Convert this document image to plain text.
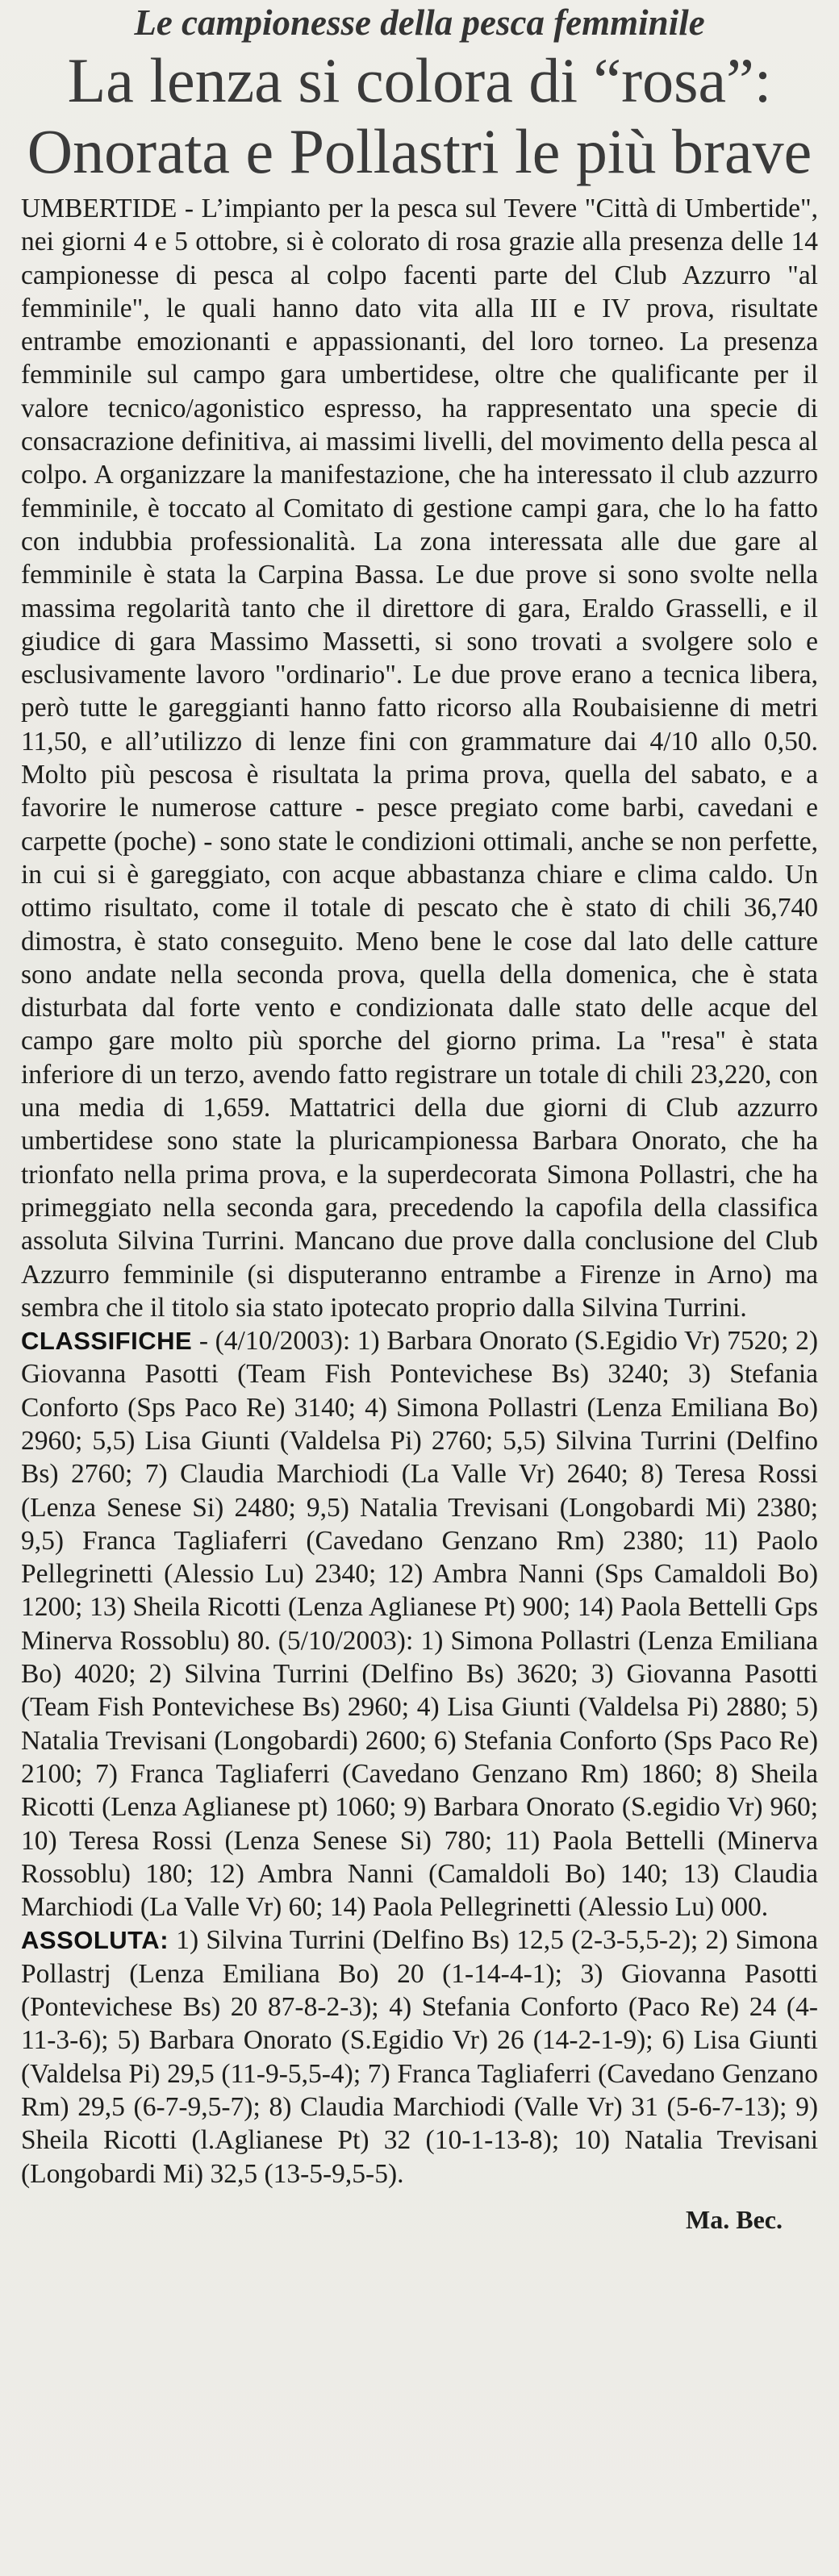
Le campionesse della pesca femminile
La lenza si colora di “rosa”:
Onorata e Pollastri le più brave

UMBERTIDE - L’impianto per la pesca sul Tevere "Città di Umbertide", nei giorni 4 e 5 ottobre, si è colorato di rosa grazie alla presenza delle 14 campionesse di pesca al colpo facenti parte del Club Azzurro "al femminile", le quali hanno dato vita alla III e IV prova, risultate entrambe emozionanti e appassionanti, del loro torneo. La presenza femminile sul campo gara umbertidese, oltre che qualificante per il valore tecnico/agonistico espresso, ha rappresentato una specie di consacrazione definitiva, ai massimi livelli, del movimento della pesca al colpo. A organizzare la manifestazione, che ha interessato il club azzurro femminile, è toccato al Comitato di gestione campi gara, che lo ha fatto con indubbia professionalità. La zona interessata alle due gare al femminile è stata la Carpina Bassa. Le due prove si sono svolte nella massima regolarità tanto che il direttore di gara, Eraldo Grasselli, e il giudice di gara Massimo Massetti, si sono trovati a svolgere solo e esclusivamente lavoro "ordinario". Le due prove erano a tecnica libera, però tutte le gareggianti hanno fatto ricorso alla Roubaisienne di metri 11,50, e all’utilizzo di lenze fini con grammature dai 4/10 allo 0,50. Molto più pescosa è risultata la prima prova, quella del sabato, e a favorire le numerose catture - pesce pregiato come barbi, cavedani e carpette (poche) - sono state le condizioni ottimali, anche se non perfette, in cui si è gareggiato, con acque abbastanza chiare e clima caldo. Un ottimo risultato, come il totale di pescato che è stato di chili 36,740 dimostra, è stato conseguito. Meno bene le cose dal lato delle catture sono andate nella seconda prova, quella della domenica, che è stata disturbata dal forte vento e condizionata dalle stato delle acque del campo gare molto più sporche del giorno prima. La "resa" è stata inferiore di un terzo, avendo fatto registrare un totale di chili 23,220, con una media di 1,659. Mattatrici della due giorni di Club azzurro umbertidese sono state la pluricampionessa Barbara Onorato, che ha trionfato nella prima prova, e la superdecorata Simona Pollastri, che ha primeggiato nella seconda gara, precedendo la capofila della classifica assoluta Silvina Turrini. Mancano due prove dalla conclusione del Club Azzurro femminile (si disputeranno entrambe a Firenze in Arno) ma sembra che il titolo sia stato ipotecato proprio dalla Silvina Turrini.
CLASSIFICHE - (4/10/2003): 1) Barbara Onorato (S.Egidio Vr) 7520; 2) Giovanna Pasotti (Team Fish Pontevichese Bs) 3240; 3) Stefania Conforto (Sps Paco Re) 3140; 4) Simona Pollastri (Lenza Emiliana Bo) 2960; 5,5) Lisa Giunti (Valdelsa Pi) 2760; 5,5) Silvina Turrini (Delfino Bs) 2760; 7) Claudia Marchiodi (La Valle Vr) 2640; 8) Teresa Rossi (Lenza Senese Si) 2480; 9,5) Natalia Trevisani (Longobardi Mi) 2380; 9,5) Franca Tagliaferri (Cavedano Genzano Rm) 2380; 11) Paolo Pellegrinetti (Alessio Lu) 2340; 12) Ambra Nanni (Sps Camaldoli Bo) 1200; 13) Sheila Ricotti (Lenza Aglianese Pt) 900; 14) Paola Bettelli Gps Minerva Rossoblu) 80. (5/10/2003): 1) Simona Pollastri (Lenza Emiliana Bo) 4020; 2) Silvina Turrini (Delfino Bs) 3620; 3) Giovanna Pasotti (Team Fish Pontevichese Bs) 2960; 4) Lisa Giunti (Valdelsa Pi) 2880; 5) Natalia Trevisani (Longobardi) 2600; 6) Stefania Conforto (Sps Paco Re) 2100; 7) Franca Tagliaferri (Cavedano Genzano Rm) 1860; 8) Sheila Ricotti (Lenza Aglianese pt) 1060; 9) Barbara Onorato (S.egidio Vr) 960; 10) Teresa Rossi (Lenza Senese Si) 780; 11) Paola Bettelli (Minerva Rossoblu) 180; 12) Ambra Nanni (Camaldoli Bo) 140; 13) Claudia Marchiodi (La Valle Vr) 60; 14) Paola Pellegrinetti (Alessio Lu) 000.
ASSOLUTA: 1) Silvina Turrini (Delfino Bs) 12,5 (2-3-5,5-2); 2) Simona Pollastrj (Lenza Emiliana Bo) 20 (1-14-4-1); 3) Giovanna Pasotti (Pontevichese Bs) 20 87-8-2-3); 4) Stefania Conforto (Paco Re) 24 (4-11-3-6); 5) Barbara Onorato (S.Egidio Vr) 26 (14-2-1-9); 6) Lisa Giunti (Valdelsa Pi) 29,5 (11-9-5,5-4); 7) Franca Tagliaferri (Cavedano Genzano Rm) 29,5 (6-7-9,5-7); 8) Claudia Marchiodi (Valle Vr) 31 (5-6-7-13); 9) Sheila Ricotti (l.Aglianese Pt) 32 (10-1-13-8); 10) Natalia Trevisani (Longobardi Mi) 32,5 (13-5-9,5-5).

Ma. Bec.
